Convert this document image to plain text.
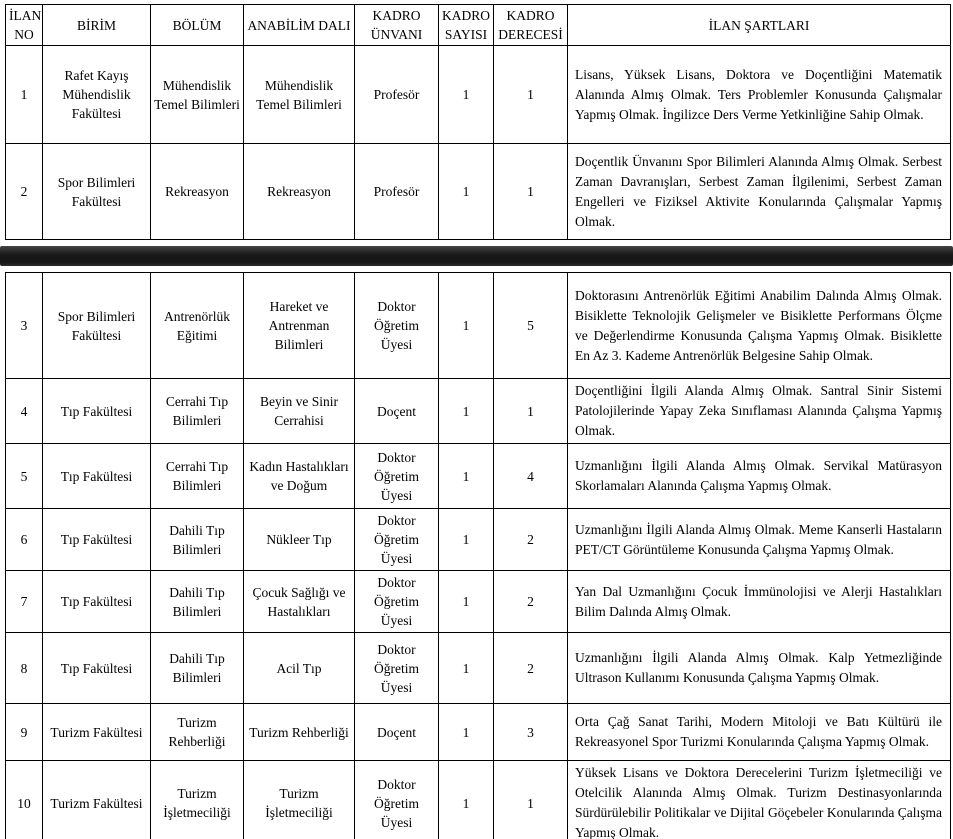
İLAN NO	BİRİM	BÖLÜM	ANABİLİM DALI	KADRO ÜNVANI	KADRO SAYISI	KADRO DERECESİ	İLAN ŞARTLARI
1	Rafet Kayış Mühendislik Fakültesi	Mühendislik Temel Bilimleri	Mühendislik Temel Bilimleri	Profesör	1	1	Lisans, Yüksek Lisans, Doktora ve Doçentliğini Matematik Alanında Almış Olmak. Ters Problemler Konusunda Çalışmalar Yapmış Olmak. İngilizce Ders Verme Yetkinliğine Sahip Olmak.
2	Spor Bilimleri Fakültesi	Rekreasyon	Rekreasyon	Profesör	1	1	Doçentlik Ünvanını Spor Bilimleri Alanında Almış Olmak. Serbest Zaman Davranışları, Serbest Zaman İlgilenimi, Serbest Zaman Engelleri ve Fiziksel Aktivite Konularında Çalışmalar Yapmış Olmak.
3	Spor Bilimleri Fakültesi	Antrenörlük Eğitimi	Hareket ve Antrenman Bilimleri	Doktor Öğretim Üyesi	1	5	Doktorasını Antrenörlük Eğitimi Anabilim Dalında Almış Olmak. Bisiklette Teknolojik Gelişmeler ve Bisiklette Performans Ölçme ve Değerlendirme Konusunda Çalışma Yapmış Olmak. Bisiklette En Az 3. Kademe Antrenörlük Belgesine Sahip Olmak.
4	Tıp Fakültesi	Cerrahi Tıp Bilimleri	Beyin ve Sinir Cerrahisi	Doçent	1	1	Doçentliğini İlgili Alanda Almış Olmak. Santral Sinir Sistemi Patolojilerinde Yapay Zeka Sınıflaması Alanında Çalışma Yapmış Olmak.
5	Tıp Fakültesi	Cerrahi Tıp Bilimleri	Kadın Hastalıkları ve Doğum	Doktor Öğretim Üyesi	1	4	Uzmanlığını İlgili Alanda Almış Olmak. Servikal Matürasyon Skorlamaları Alanında Çalışma Yapmış Olmak.
6	Tıp Fakültesi	Dahili Tıp Bilimleri	Nükleer Tıp	Doktor Öğretim Üyesi	1	2	Uzmanlığını İlgili Alanda Almış Olmak. Meme Kanserli Hastaların PET/CT Görüntüleme Konusunda Çalışma Yapmış Olmak.
7	Tıp Fakültesi	Dahili Tıp Bilimleri	Çocuk Sağlığı ve Hastalıkları	Doktor Öğretim Üyesi	1	2	Yan Dal Uzmanlığını Çocuk İmmünolojisi ve Alerji Hastalıkları Bilim Dalında Almış Olmak.
8	Tıp Fakültesi	Dahili Tıp Bilimleri	Acil Tıp	Doktor Öğretim Üyesi	1	2	Uzmanlığını İlgili Alanda Almış Olmak. Kalp Yetmezliğinde Ultrason Kullanımı Konusunda Çalışma Yapmış Olmak.
9	Turizm Fakültesi	Turizm Rehberliği	Turizm Rehberliği	Doçent	1	3	Orta Çağ Sanat Tarihi, Modern Mitoloji ve Batı Kültürü ile Rekreasyonel Spor Turizmi Konularında Çalışma Yapmış Olmak.
10	Turizm Fakültesi	Turizm İşletmeciliği	Turizm İşletmeciliği	Doktor Öğretim Üyesi	1	1	Yüksek Lisans ve Doktora Derecelerini Turizm İşletmeciliği ve Otelcilik Alanında Almış Olmak. Turizm Destinasyonlarında Sürdürülebilir Politikalar ve Dijital Göçebeler Konularında Çalışma Yapmış Olmak.
